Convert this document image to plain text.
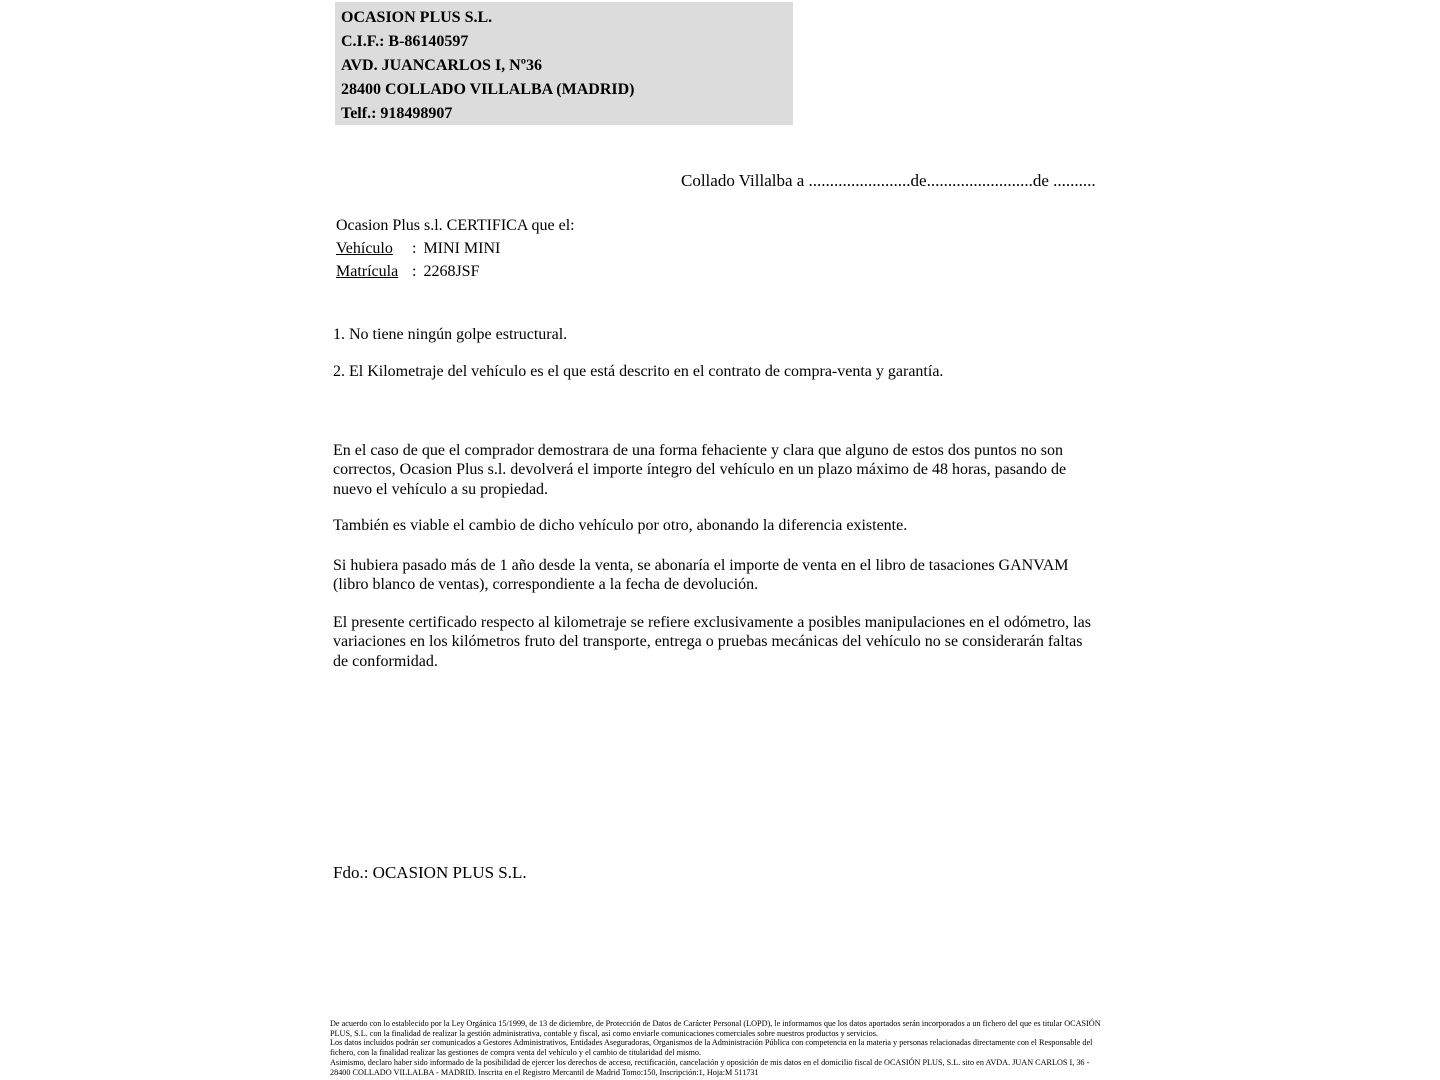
OCASION PLUS S.L.
C.I.F.: B-86140597
AVD. JUANCARLOS I, Nº36
28400 COLLADO VILLALBA (MADRID)
Telf.: 918498907
Collado Villalba a ........................de.........................de ..........
Ocasion Plus s.l. CERTIFICA que el:
Vehículo : MINI MINI
Matrícula : 2268JSF
1. No tiene ningún golpe estructural.
2. El Kilometraje del vehículo es el que está descrito en el contrato de compra-venta y garantía.
En el caso de que el comprador demostrara de una forma fehaciente y clara que alguno de estos dos puntos no son correctos, Ocasion Plus s.l. devolverá el importe íntegro del vehículo en un plazo máximo de 48 horas, pasando de nuevo el vehículo a su propiedad.
También es viable el cambio de dicho vehículo por otro, abonando la diferencia existente.
Si hubiera pasado más de 1 año desde la venta, se abonaría el importe de venta en el libro de tasaciones GANVAM (libro blanco de ventas), correspondiente a la fecha de devolución.
El presente certificado respecto al kilometraje se refiere exclusivamente a posibles manipulaciones en el odómetro, las variaciones en los kilómetros fruto del transporte, entrega o pruebas mecánicas del vehículo no se considerarán faltas de conformidad.
Fdo.: OCASION PLUS S.L.

De acuerdo con lo establecido por la Ley Orgánica 15/1999, de 13 de diciembre, de Protección de Datos de Carácter Personal (LOPD), le informamos que los datos aportados serán incorporados a un fichero del que es titular OCASIÓN PLUS, S.L. con la finalidad de realizar la gestión administrativa, contable y fiscal, así como enviarle comunicaciones comerciales sobre nuestros productos y servicios.

Los datos incluidos podrán ser comunicados a Gestores Administrativos, Entidades Aseguradoras, Organismos de la Administración Pública con competencia en la materia y personas relacionadas directamente con el Responsable del fichero, con la finalidad realizar las gestiones de compra venta del vehículo y el cambio de titularidad del mismo.

Asimismo, declaro haber sido informado de la posibilidad de ejercer los derechos de acceso, rectificación, cancelación y oposición de mis datos en el domicilio fiscal de OCASIÓN PLUS, S.L. sito en AVDA. JUAN CARLOS I, 36 - 28400 COLLADO VILLALBA - MADRID. Inscrita en el Registro Mercantil de Madrid Tomo:150, Inscripción:1, Hoja:M 511731
